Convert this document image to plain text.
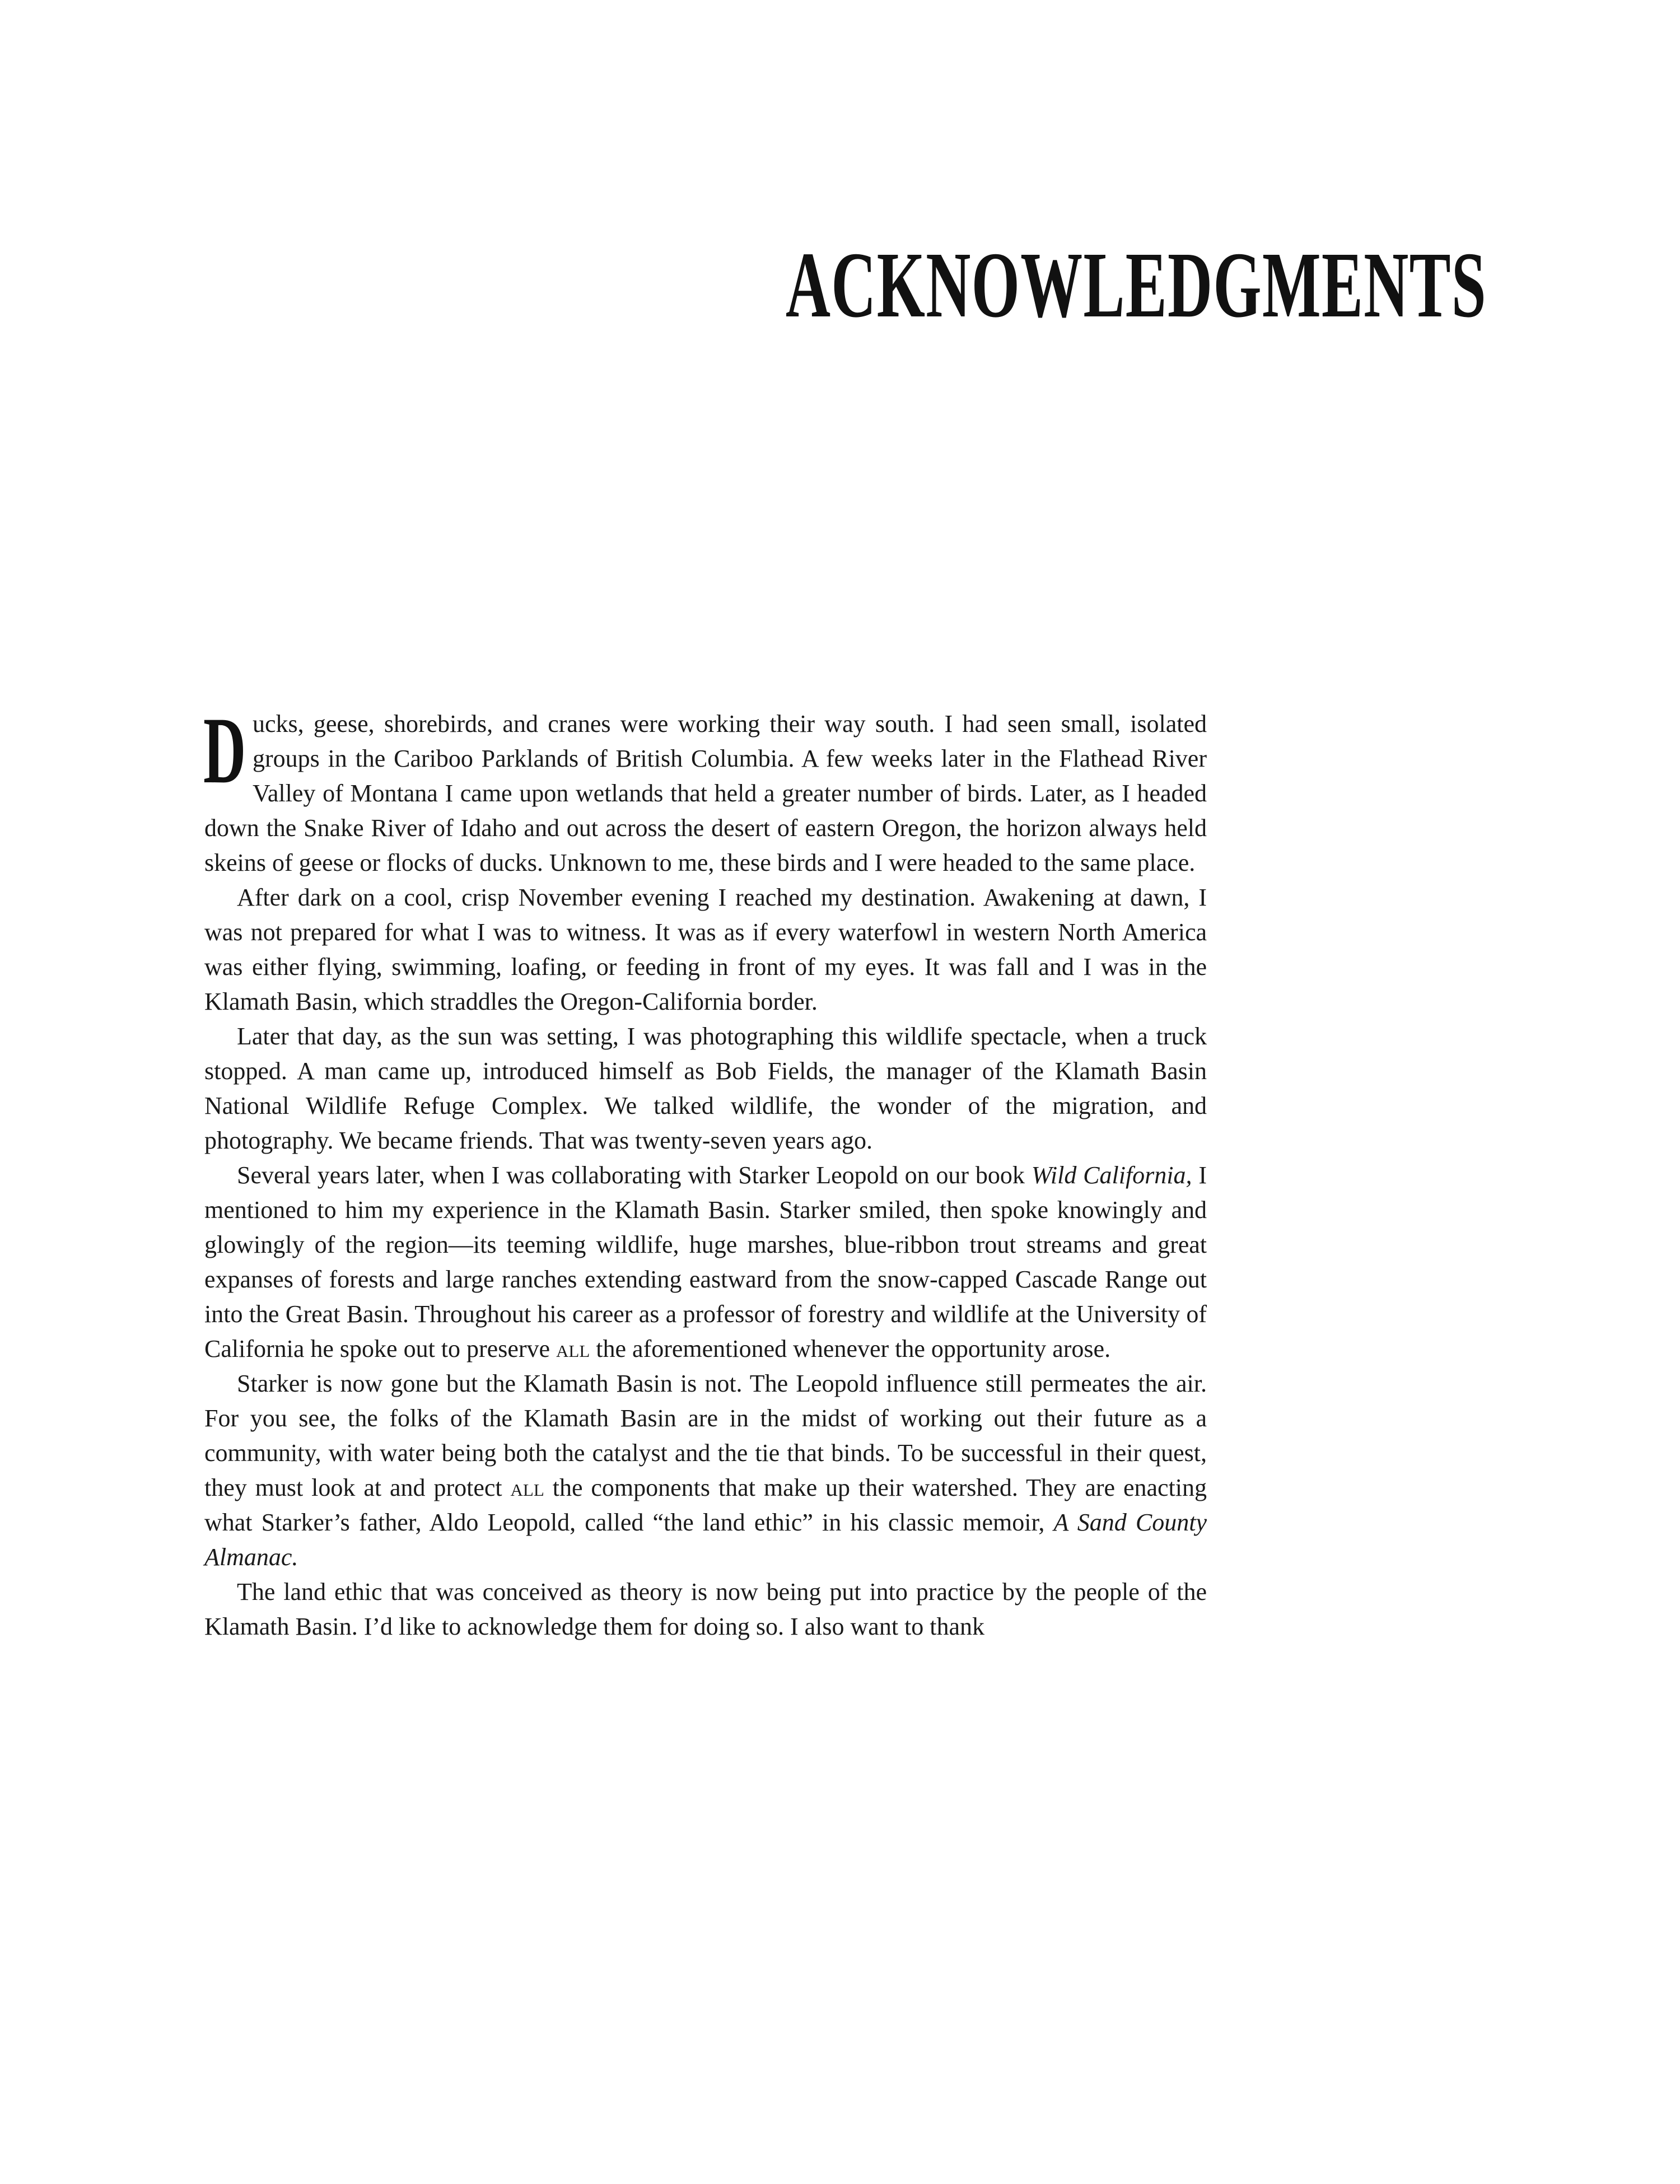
ACKNOWLEDGMENTS

Ducks, geese, shorebirds, and cranes were working their way south. I had seen small, isolated groups in the Cariboo Parklands of British Columbia. A few weeks later in the Flathead River Valley of Montana I came upon wetlands that held a greater number of birds. Later, as I headed down the Snake River of Idaho and out across the desert of eastern Oregon, the horizon always held skeins of geese or flocks of ducks. Unknown to me, these birds and I were headed to the same place.

After dark on a cool, crisp November evening I reached my destination. Awakening at dawn, I was not prepared for what I was to witness. It was as if every waterfowl in western North America was either flying, swimming, loafing, or feeding in front of my eyes. It was fall and I was in the Klamath Basin, which straddles the Oregon-California border.

Later that day, as the sun was setting, I was photographing this wildlife spectacle, when a truck stopped. A man came up, introduced himself as Bob Fields, the manager of the Klamath Basin National Wildlife Refuge Complex. We talked wildlife, the wonder of the migration, and photography. We became friends. That was twenty-seven years ago.

Several years later, when I was collaborating with Starker Leopold on our book Wild California, I mentioned to him my experience in the Klamath Basin. Starker smiled, then spoke knowingly and glowingly of the region—its teeming wildlife, huge marshes, blue-ribbon trout streams and great expanses of forests and large ranches extending eastward from the snow-capped Cascade Range out into the Great Basin. Throughout his career as a professor of forestry and wildlife at the University of California he spoke out to preserve all the aforementioned whenever the opportunity arose.

Starker is now gone but the Klamath Basin is not. The Leopold influence still permeates the air. For you see, the folks of the Klamath Basin are in the midst of working out their future as a community, with water being both the catalyst and the tie that binds. To be successful in their quest, they must look at and protect all the components that make up their watershed. They are enacting what Starker’s father, Aldo Leopold, called “the land ethic” in his classic memoir, A Sand County Almanac.

The land ethic that was conceived as theory is now being put into practice by the people of the Klamath Basin. I’d like to acknowledge them for doing so. I also want to thank
